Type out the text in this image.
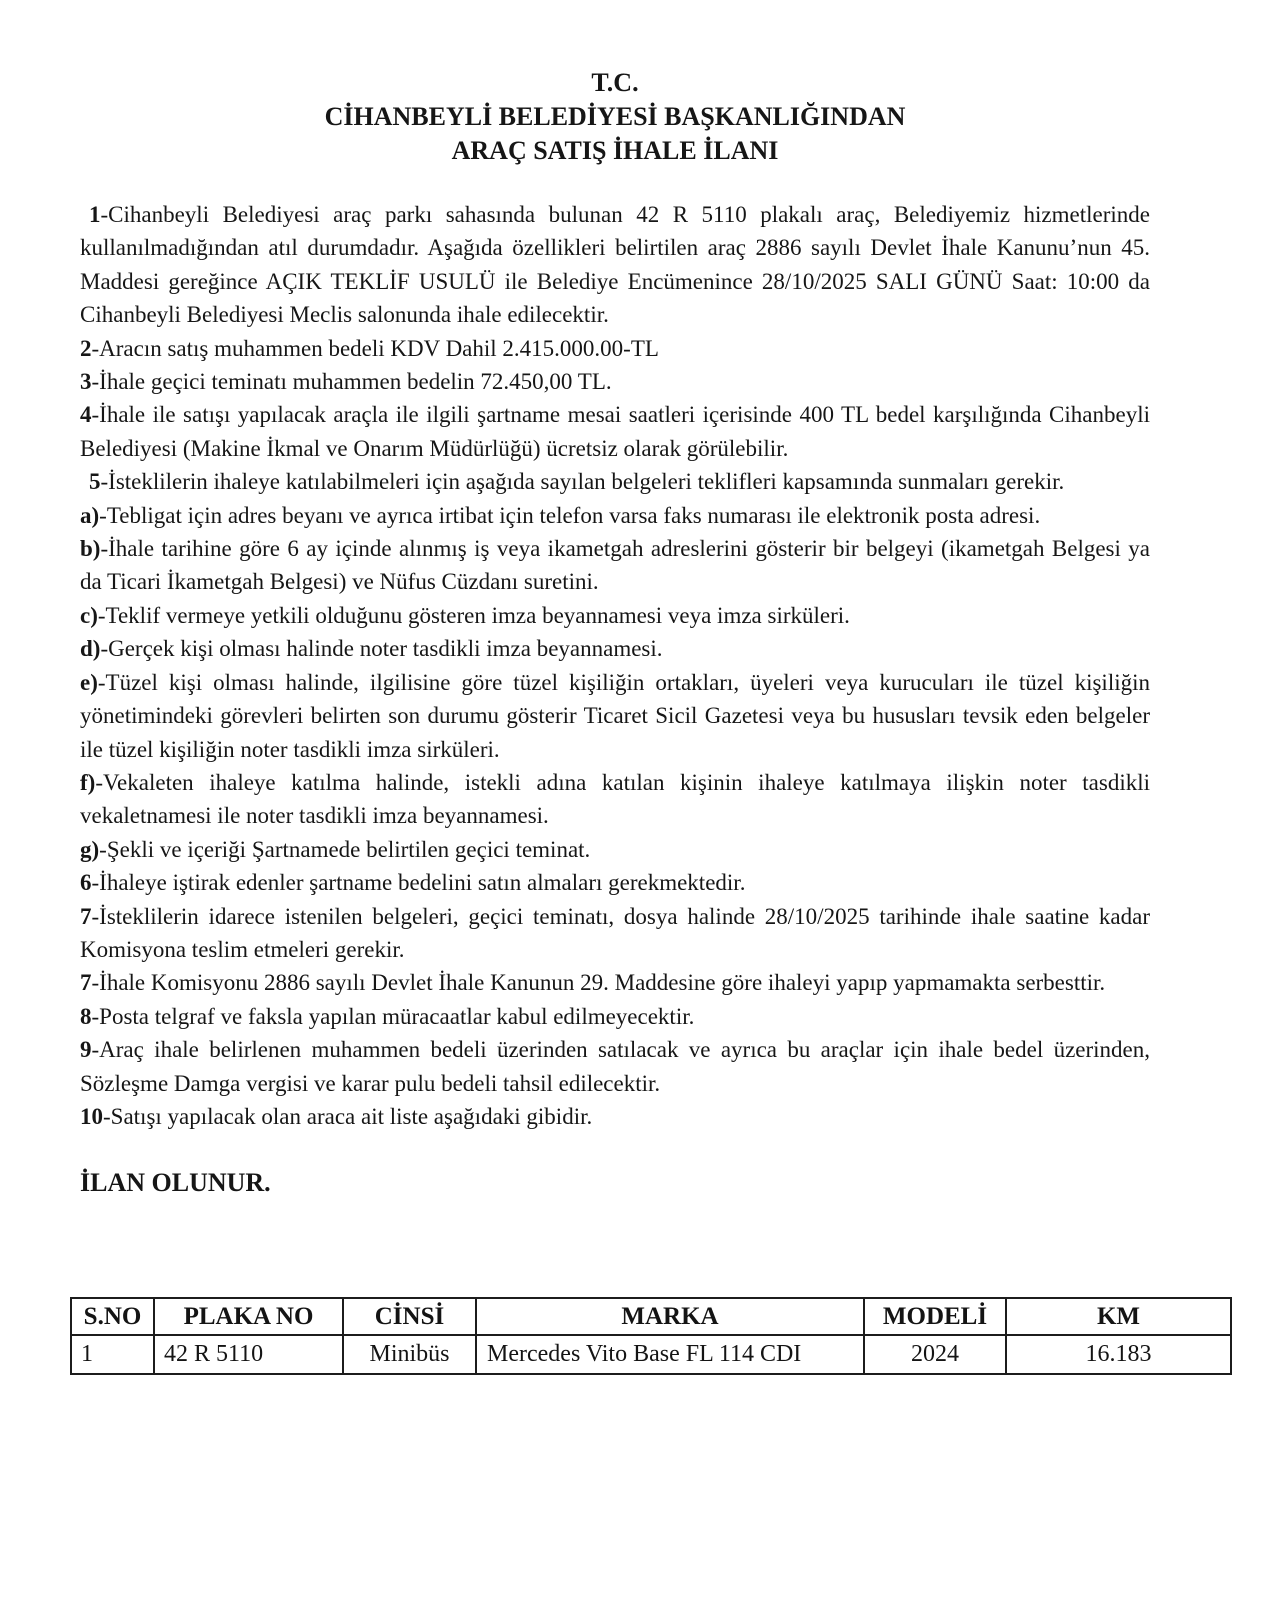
T.C.
CİHANBEYLİ BELEDİYESİ BAŞKANLIĞINDAN
ARAÇ SATIŞ İHALE İLANI

1-Cihanbeyli Belediyesi araç parkı sahasında bulunan 42 R 5110 plakalı araç, Belediyemiz hizmetlerinde kullanılmadığından atıl durumdadır. Aşağıda özellikleri belirtilen araç 2886 sayılı Devlet İhale Kanunu’nun 45. Maddesi gereğince AÇIK TEKLİF USULÜ ile Belediye Encümenince 28/10/2025 SALI GÜNÜ Saat: 10:00 da Cihanbeyli Belediyesi Meclis salonunda ihale edilecektir.

2-Aracın satış muhammen bedeli KDV Dahil 2.415.000.00-TL

3-İhale geçici teminatı muhammen bedelin 72.450,00 TL.

4-İhale ile satışı yapılacak araçla ile ilgili şartname mesai saatleri içerisinde 400 TL bedel karşılığında Cihanbeyli Belediyesi (Makine İkmal ve Onarım Müdürlüğü) ücretsiz olarak görülebilir.

5-İsteklilerin ihaleye katılabilmeleri için aşağıda sayılan belgeleri teklifleri kapsamında sunmaları gerekir.

a)-Tebligat için adres beyanı ve ayrıca irtibat için telefon varsa faks numarası ile elektronik posta adresi.

b)-İhale tarihine göre 6 ay içinde alınmış iş veya ikametgah adreslerini gösterir bir belgeyi (ikametgah Belgesi ya da Ticari İkametgah Belgesi) ve Nüfus Cüzdanı suretini.

c)-Teklif vermeye yetkili olduğunu gösteren imza beyannamesi veya imza sirküleri.

d)-Gerçek kişi olması halinde noter tasdikli imza beyannamesi.

e)-Tüzel kişi olması halinde, ilgilisine göre tüzel kişiliğin ortakları, üyeleri veya kurucuları ile tüzel kişiliğin yönetimindeki görevleri belirten son durumu gösterir Ticaret Sicil Gazetesi veya bu hususları tevsik eden belgeler ile tüzel kişiliğin noter tasdikli imza sirküleri.

f)-Vekaleten ihaleye katılma halinde, istekli adına katılan kişinin ihaleye katılmaya ilişkin noter tasdikli vekaletnamesi ile noter tasdikli imza beyannamesi.

g)-Şekli ve içeriği Şartnamede belirtilen geçici teminat.

6-İhaleye iştirak edenler şartname bedelini satın almaları gerekmektedir.

7-İsteklilerin idarece istenilen belgeleri, geçici teminatı, dosya halinde 28/10/2025 tarihinde ihale saatine kadar Komisyona teslim etmeleri gerekir.

7-İhale Komisyonu 2886 sayılı Devlet İhale Kanunun 29. Maddesine göre ihaleyi yapıp yapmamakta serbesttir.

8-Posta telgraf ve faksla yapılan müracaatlar kabul edilmeyecektir.

9-Araç ihale belirlenen muhammen bedeli üzerinden satılacak ve ayrıca bu araçlar için ihale bedel üzerinden, Sözleşme Damga vergisi ve karar pulu bedeli tahsil edilecektir.

10-Satışı yapılacak olan araca ait liste aşağıdaki gibidir.

İLAN OLUNUR.
S.NO	PLAKA NO	CİNSİ	MARKA	MODELİ	KM
1	42 R 5110	Minibüs	Mercedes Vito Base FL 114 CDI	2024	16.183
